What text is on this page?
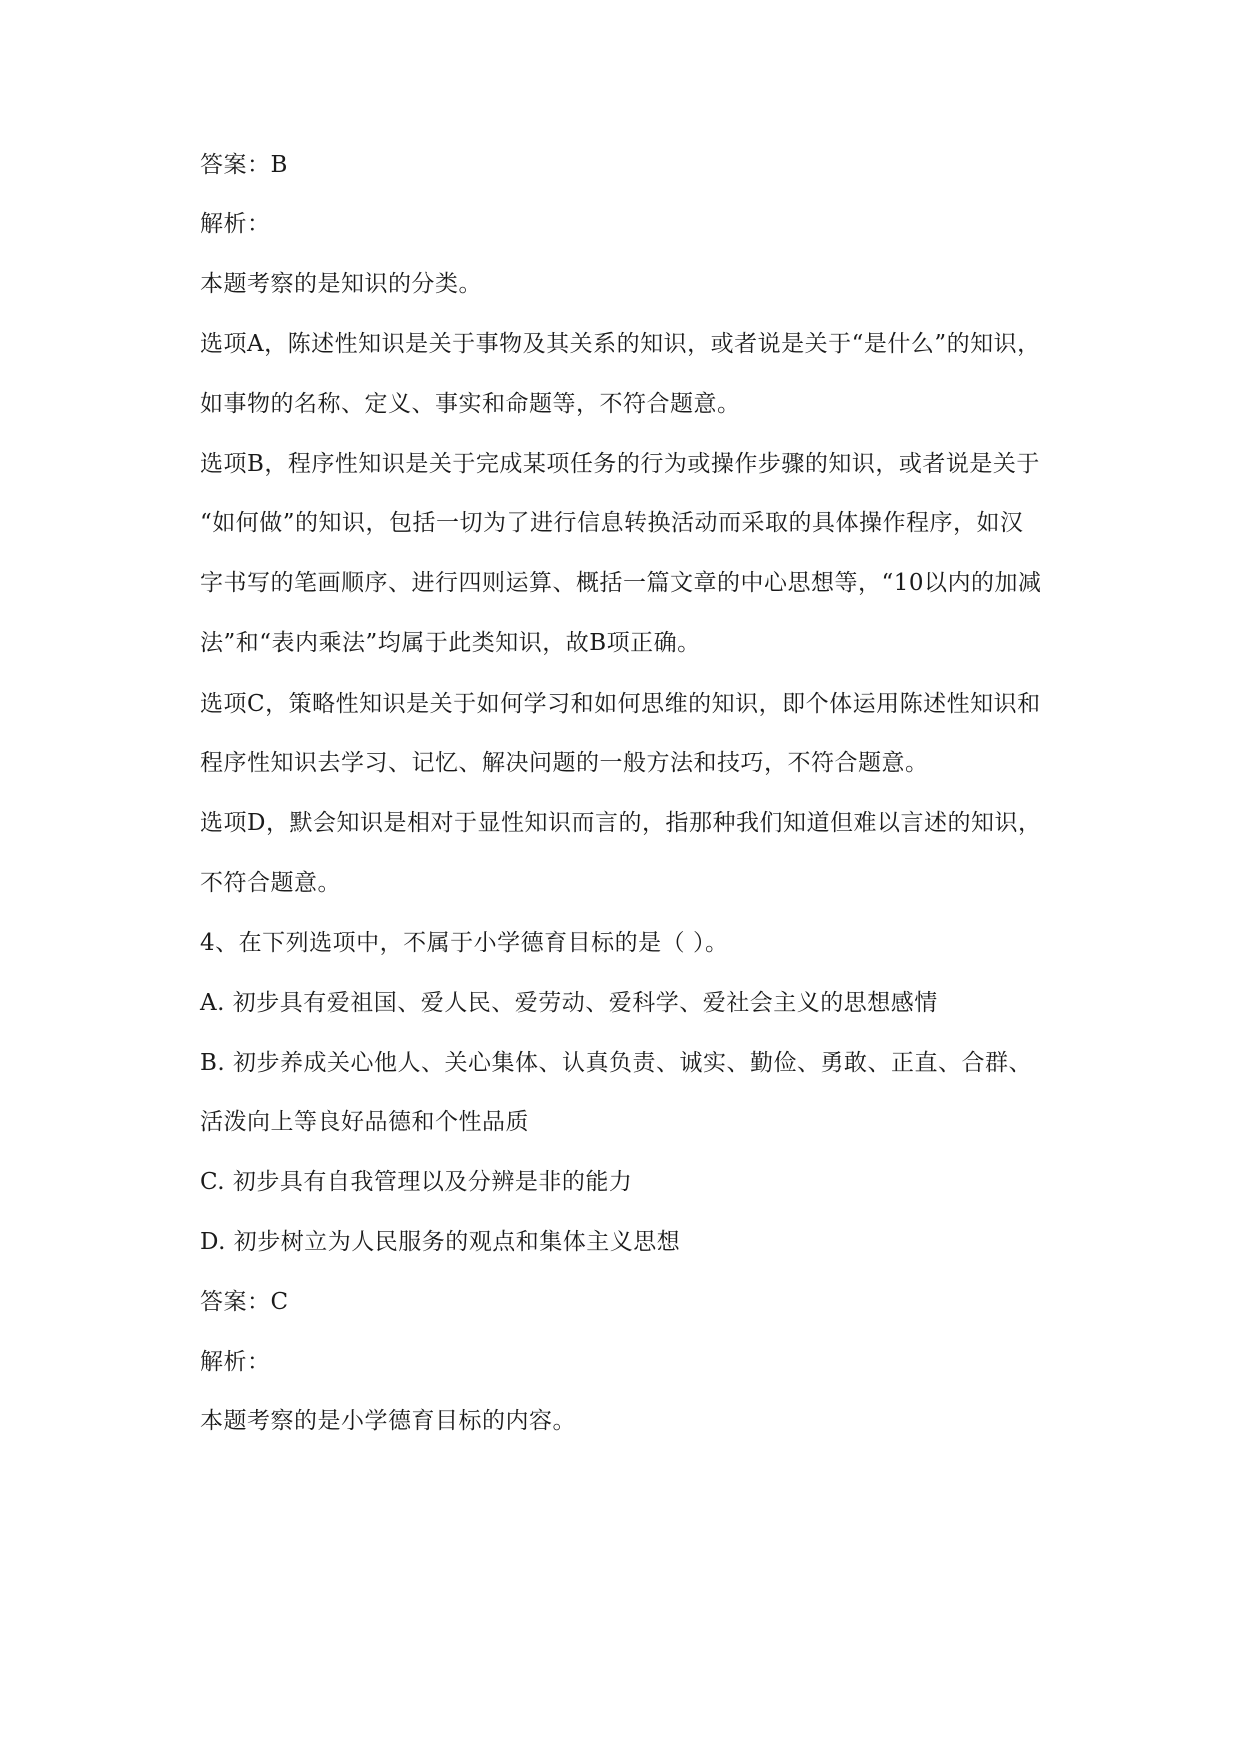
答案：B
解析：
本题考察的是知识的分类。
选项A，陈述性知识是关于事物及其关系的知识，或者说是关于“是什么”的知识，
如事物的名称、定义、事实和命题等，不符合题意。
选项B，程序性知识是关于完成某项任务的行为或操作步骤的知识，或者说是关于
“如何做”的知识，包括一切为了进行信息转换活动而采取的具体操作程序，如汉
字书写的笔画顺序、进行四则运算、概括一篇文章的中心思想等，“10以内的加减
法”和“表内乘法”均属于此类知识，故B项正确。
选项C，策略性知识是关于如何学习和如何思维的知识，即个体运用陈述性知识和
程序性知识去学习、记忆、解决问题的一般方法和技巧，不符合题意。
选项D，默会知识是相对于显性知识而言的，指那种我们知道但难以言述的知识，
不符合题意。
4、在下列选项中，不属于小学德育目标的是（ ）。
A. 初步具有爱祖国、爱人民、爱劳动、爱科学、爱社会主义的思想感情
B. 初步养成关心他人、关心集体、认真负责、诚实、勤俭、勇敢、正直、合群、
活泼向上等良好品德和个性品质
C. 初步具有自我管理以及分辨是非的能力
D. 初步树立为人民服务的观点和集体主义思想
答案：C
解析：
本题考察的是小学德育目标的内容。
